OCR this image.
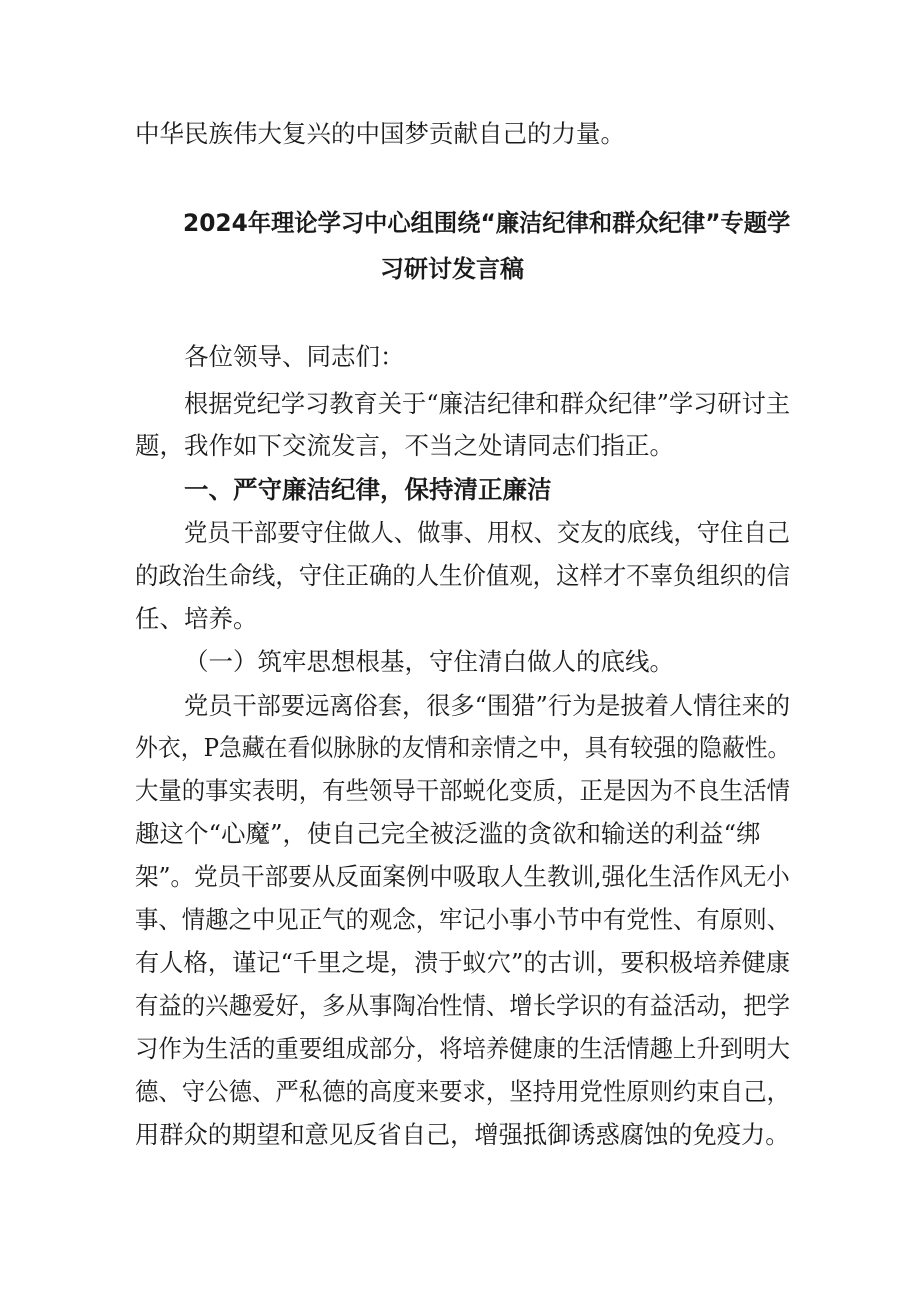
中华民族伟大复兴的中国梦贡献自己的力量。
2024年理论学习中心组围绕“廉洁纪律和群众纪律”专题学
习研讨发言稿
各位领导、同志们：
根据党纪学习教育关于“廉洁纪律和群众纪律”学习研讨主
题，我作如下交流发言，不当之处请同志们指正。
一、严守廉洁纪律，保持清正廉洁
党员干部要守住做人、做事、用权、交友的底线，守住自己
的政治生命线，守住正确的人生价值观，这样才不辜负组织的信
任、培养。
（一）筑牢思想根基，守住清白做人的底线。
党员干部要远离俗套，很多“围猎”行为是披着人情往来的
外衣，P急藏在看似脉脉的友情和亲情之中，具有较强的隐蔽性。
大量的事实表明，有些领导干部蜕化变质，正是因为不良生活情
趣这个“心魔”，使自己完全被泛滥的贪欲和输送的利益“绑
架”。党员干部要从反面案例中吸取人生教训,强化生活作风无小
事、情趣之中见正气的观念，牢记小事小节中有党性、有原则、
有人格，谨记“千里之堤，溃于蚁穴”的古训，要积极培养健康
有益的兴趣爱好，多从事陶冶性情、增长学识的有益活动，把学
习作为生活的重要组成部分，将培养健康的生活情趣上升到明大
德、守公德、严私德的高度来要求，坚持用党性原则约束自己，
用群众的期望和意见反省自己，增强抵御诱惑腐蚀的免疫力。
